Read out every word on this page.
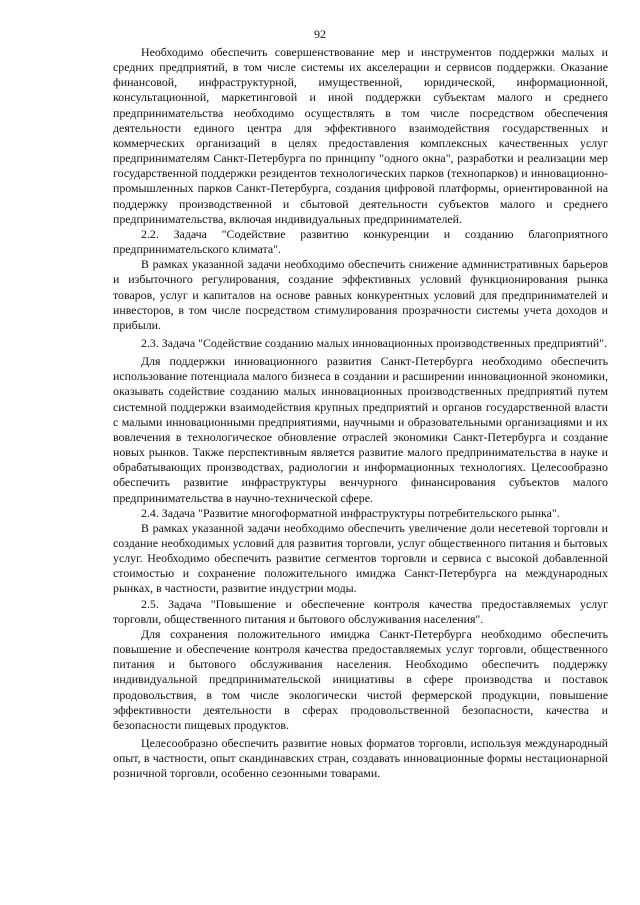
92

Необходимо обеспечить совершенствование мер и инструментов поддержки малых и средних предприятий, в том числе системы их акселерации и сервисов поддержки. Оказание финансовой, инфраструктурной, имущественной, юридической, информационной, консультационной, маркетинговой и иной поддержки субъектам малого и среднего предпринимательства необходимо осуществлять в том числе посредством обеспечения деятельности единого центра для эффективного взаимодействия государственных и коммерческих организаций в целях предоставления комплексных качественных услуг предпринимателям Санкт-Петербурга по принципу "одного окна", разработки и реализации мер государственной поддержки резидентов технологических парков (технопарков) и инновационно-промышленных парков Санкт-Петербурга, создания цифровой платформы, ориентированной на поддержку производственной и сбытовой деятельности субъектов малого и среднего предпринимательства, включая индивидуальных предпринимателей.

2.2. Задача "Содействие развитию конкуренции и созданию благоприятного предпринимательского климата".

В рамках указанной задачи необходимо обеспечить снижение административных барьеров и избыточного регулирования, создание эффективных условий функционирования рынка товаров, услуг и капиталов на основе равных конкурентных условий для предпринимателей и инвесторов, в том числе посредством стимулирования прозрачности системы учета доходов и прибыли.

2.3. Задача "Содействие созданию малых инновационных производственных предприятий".

Для поддержки инновационного развития Санкт-Петербурга необходимо обеспечить использование потенциала малого бизнеса в создании и расширении инновационной экономики, оказывать содействие созданию малых инновационных производственных предприятий путем системной поддержки взаимодействия крупных предприятий и органов государственной власти с малыми инновационными предприятиями, научными и образовательными организациями и их вовлечения в технологическое обновление отраслей экономики Санкт-Петербурга и создание новых рынков. Также перспективным является развитие малого предпринимательства в науке и обрабатывающих производствах, радиологии и информационных технологиях. Целесообразно обеспечить развитие инфраструктуры венчурного финансирования субъектов малого предпринимательства в научно-технической сфере.

2.4. Задача "Развитие многоформатной инфраструктуры потребительского рынка".

В рамках указанной задачи необходимо обеспечить увеличение доли несетевой торговли и создание необходимых условий для развития торговли, услуг общественного питания и бытовых услуг. Необходимо обеспечить развитие сегментов торговли и сервиса с высокой добавленной стоимостью и сохранение положительного имиджа Санкт-Петербурга на международных рынках, в частности, развитие индустрии моды.

2.5. Задача "Повышение и обеспечение контроля качества предоставляемых услуг торговли, общественного питания и бытового обслуживания населения".

Для сохранения положительного имиджа Санкт-Петербурга необходимо обеспечить повышение и обеспечение контроля качества предоставляемых услуг торговли, общественного питания и бытового обслуживания населения. Необходимо обеспечить поддержку индивидуальной предпринимательской инициативы в сфере производства и поставок продовольствия, в том числе экологически чистой фермерской продукции, повышение эффективности деятельности в сферах продовольственной безопасности, качества и безопасности пищевых продуктов.

Целесообразно обеспечить развитие новых форматов торговли, используя международный опыт, в частности, опыт скандинавских стран, создавать инновационные формы нестационарной розничной торговли, особенно сезонными товарами.
